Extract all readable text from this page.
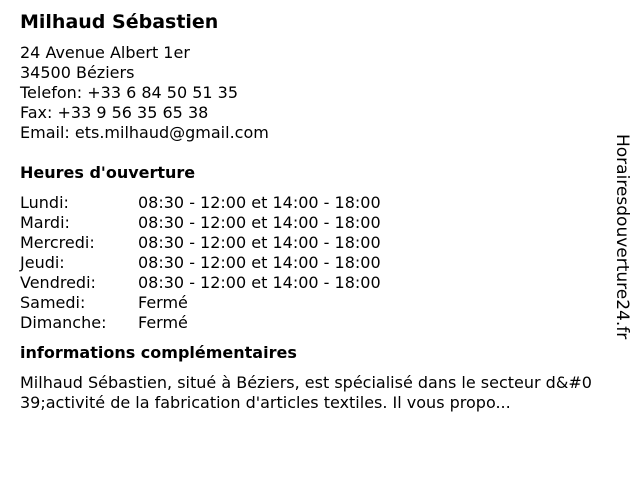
Milhaud Sébastien
24 Avenue Albert 1er
34500 Béziers
Telefon: +33 6 84 50 51 35
Fax: +33 9 56 35 65 38
Email: ets.milhaud@gmail.com
Heures d'ouverture
Lundi:	08:30 - 12:00 et 14:00 - 18:00
Mardi:	08:30 - 12:00 et 14:00 - 18:00
Mercredi:	08:30 - 12:00 et 14:00 - 18:00
Jeudi:	08:30 - 12:00 et 14:00 - 18:00
Vendredi:	08:30 - 12:00 et 14:00 - 18:00
Samedi:	Fermé
Dimanche:	Fermé
informations complémentaires
Milhaud Sébastien, situé à Béziers, est spécialisé dans le secteur d&#039;activité de la fabrication d'articles textiles. Il vous propo...
Horairesdouverture24.fr
